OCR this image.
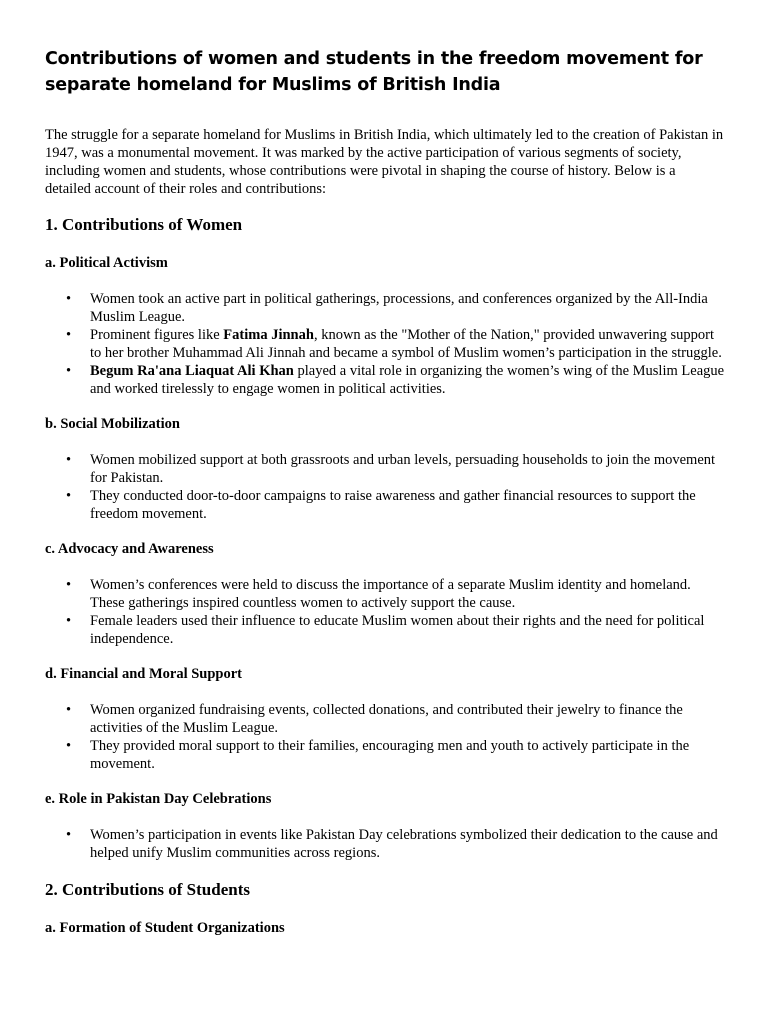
Contributions of women and students in the freedom movement for separate homeland for Muslims of British India

The struggle for a separate homeland for Muslims in British India, which ultimately led to the creation of Pakistan in 1947, was a monumental movement. It was marked by the active participation of various segments of society, including women and students, whose contributions were pivotal in shaping the course of history. Below is a detailed account of their roles and contributions:

1. Contributions of Women
a. Political Activism
• Women took an active part in political gatherings, processions, and conferences organized by the All-India Muslim League.
• Prominent figures like Fatima Jinnah, known as the "Mother of the Nation," provided unwavering support to her brother Muhammad Ali Jinnah and became a symbol of Muslim women’s participation in the struggle.
• Begum Ra'ana Liaquat Ali Khan played a vital role in organizing the women’s wing of the Muslim League and worked tirelessly to engage women in political activities.
b. Social Mobilization
• Women mobilized support at both grassroots and urban levels, persuading households to join the movement for Pakistan.
• They conducted door-to-door campaigns to raise awareness and gather financial resources to support the freedom movement.
c. Advocacy and Awareness
• Women’s conferences were held to discuss the importance of a separate Muslim identity and homeland. These gatherings inspired countless women to actively support the cause.
• Female leaders used their influence to educate Muslim women about their rights and the need for political independence.
d. Financial and Moral Support
• Women organized fundraising events, collected donations, and contributed their jewelry to finance the activities of the Muslim League.
• They provided moral support to their families, encouraging men and youth to actively participate in the movement.
e. Role in Pakistan Day Celebrations
• Women’s participation in events like Pakistan Day celebrations symbolized their dedication to the cause and helped unify Muslim communities across regions.
2. Contributions of Students
a. Formation of Student Organizations
